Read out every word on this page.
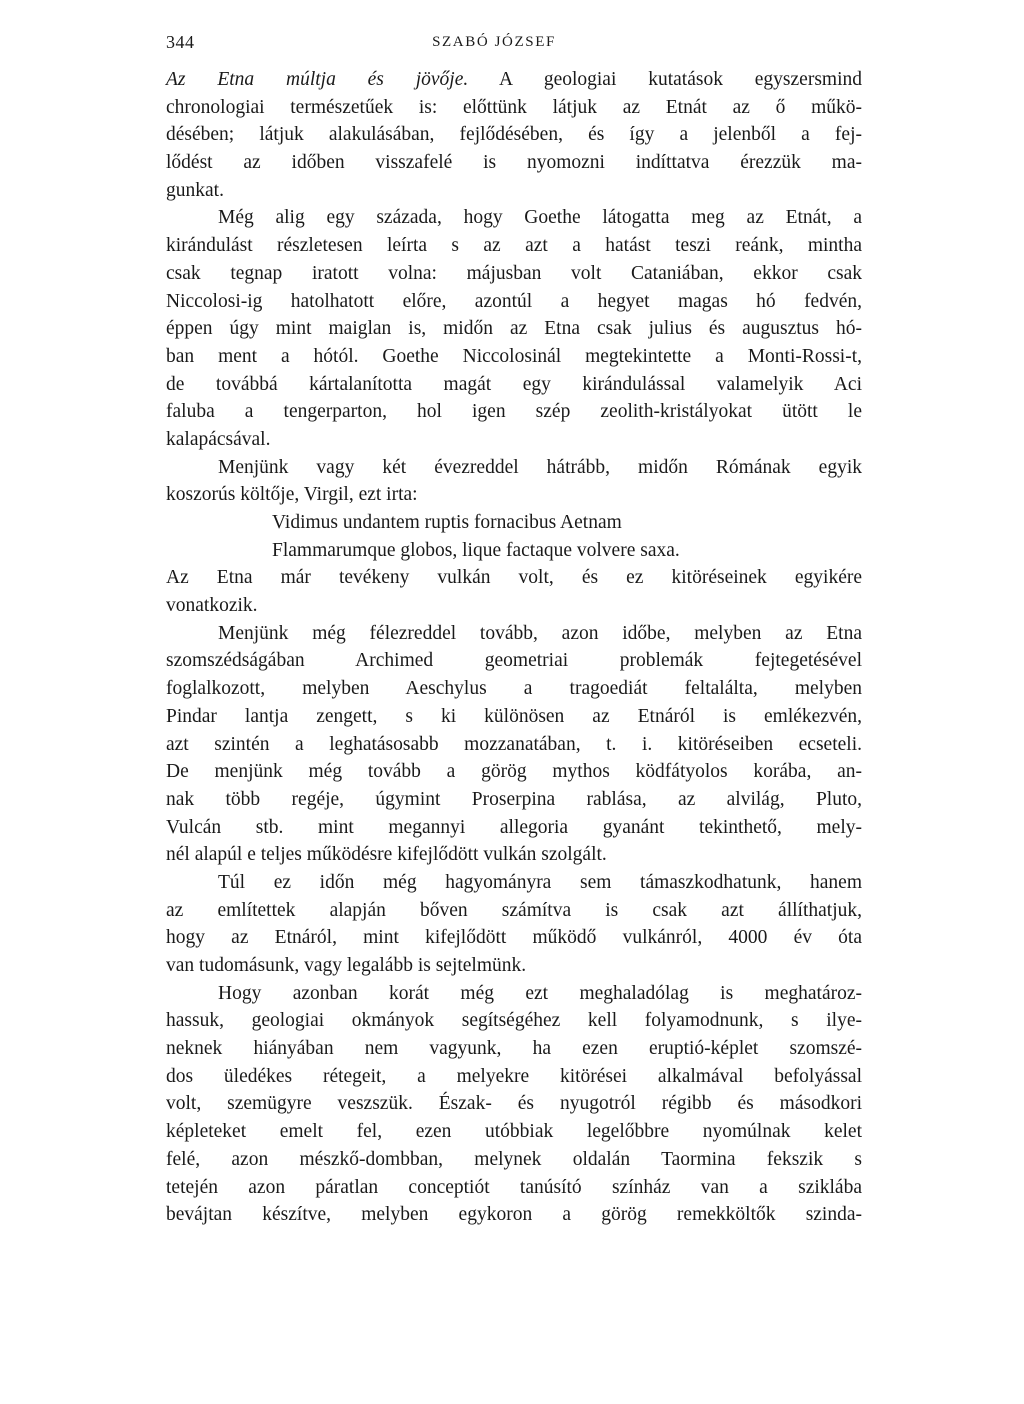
344	SZABÓ JÓZSEF
Az Etna múltja és jövője. A geologiai kutatások egyszersmind
chronologiai természetűek is: előttünk látjuk az Etnát az ő műkö-
désében; látjuk alakulásában, fejlődésében, és így a jelenből a fej-
lődést az időben visszafelé is nyomozni indíttatva érezzük ma-
gunkat.
Még alig egy százada, hogy Goethe látogatta meg az Etnát, a
kirándulást részletesen leírta s az azt a hatást teszi reánk, mintha
csak tegnap iratott volna: májusban volt Cataniában, ekkor csak
Niccolosi-ig hatolhatott előre, azontúl a hegyet magas hó fedvén,
éppen úgy mint maiglan is, midőn az Etna csak julius és augusztus hó-
ban ment a hótól. Goethe Niccolosinál megtekintette a Monti-Rossi-t,
de továbbá kártalanította magát egy kirándulással valamelyik Aci
faluba a tengerparton, hol igen szép zeolith-kristályokat ütött le
kalapácsával.
Menjünk vagy két évezreddel hátrább, midőn Rómának egyik
koszorús költője, Virgil, ezt irta:
Vidimus undantem ruptis fornacibus Aetnam
Flammarumque globos, lique factaque volvere saxa.
Az Etna már tevékeny vulkán volt, és ez kitöréseinek egyikére
vonatkozik.
Menjünk még félezreddel tovább, azon időbe, melyben az Etna
szomszédságában Archimed geometriai problemák fejtegetésével
foglalkozott, melyben Aeschylus a tragoediát feltalálta, melyben
Pindar lantja zengett, s ki különösen az Etnáról is emlékezvén,
azt szintén a leghatásosabb mozzanatában, t. i. kitöréseiben ecseteli.
De menjünk még tovább a görög mythos ködfátyolos korába, an-
nak több regéje, úgymint Proserpina rablása, az alvilág, Pluto,
Vulcán stb. mint megannyi allegoria gyanánt tekinthető, mely-
nél alapúl e teljes működésre kifejlődött vulkán szolgált.
Túl ez időn még hagyományra sem támaszkodhatunk, hanem
az említettek alapján bőven számítva is csak azt állíthatjuk,
hogy az Etnáról, mint kifejlődött működő vulkánról, 4000 év óta
van tudomásunk, vagy legalább is sejtelmünk.
Hogy azonban korát még ezt meghaladólag is meghatároz-
hassuk, geologiai okmányok segítségéhez kell folyamodnunk, s ilye-
neknek hiányában nem vagyunk, ha ezen eruptió-képlet szomszé-
dos üledékes rétegeit, a melyekre kitörései alkalmával befolyással
volt, szemügyre veszszük. Észak- és nyugotról régibb és másodkori
képleteket emelt fel, ezen utóbbiak legelőbbre nyomúlnak kelet
felé, azon mészkő-dombban, melynek oldalán Taormina fekszik s
tetején azon páratlan conceptiót tanúsító színház van a sziklába
bevájtan készítve, melyben egykoron a görög remekköltők szinda-
